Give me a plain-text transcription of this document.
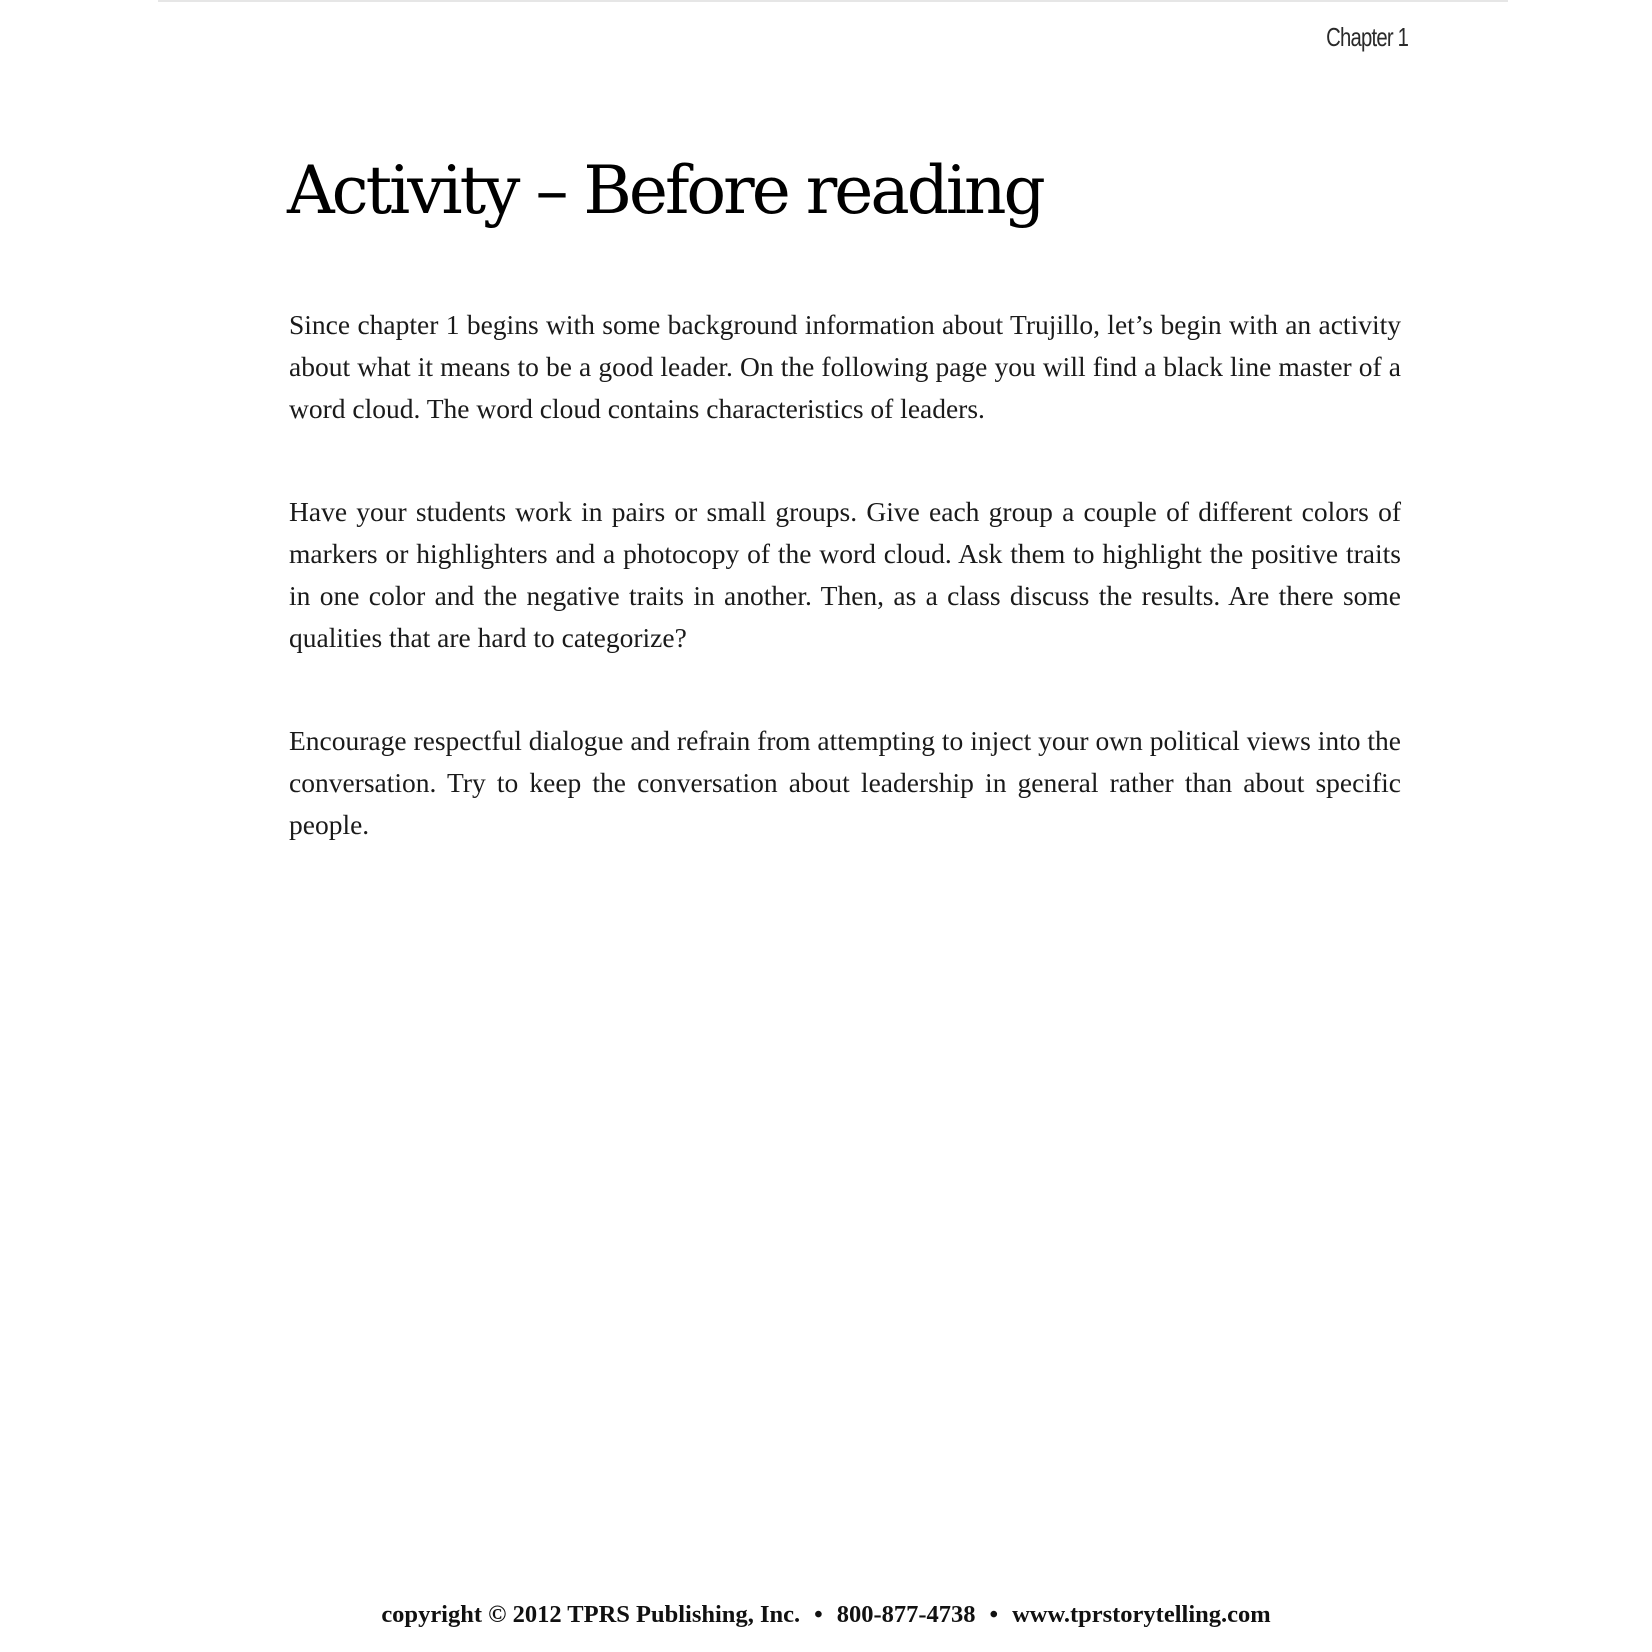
Chapter 1
Activity – Before reading

Since chapter 1 begins with some background information about Trujillo, let’s begin with an activity about what it means to be a good leader. On the following page you will find a black line master of a word cloud. The word cloud contains characteristics of leaders.

Have your students work in pairs or small groups. Give each group a couple of different colors of markers or highlighters and a photocopy of the word cloud. Ask them to highlight the positive traits in one color and the negative traits in another. Then, as a class discuss the results. Are there some qualities that are hard to categorize?

Encourage respectful dialogue and refrain from attempting to inject your own political views into the conversation. Try to keep the conversation about leadership in general rather than about specific people.

copyright © 2012 TPRS Publishing, Inc. • 800-877-4738 • www.tprstorytelling.com
